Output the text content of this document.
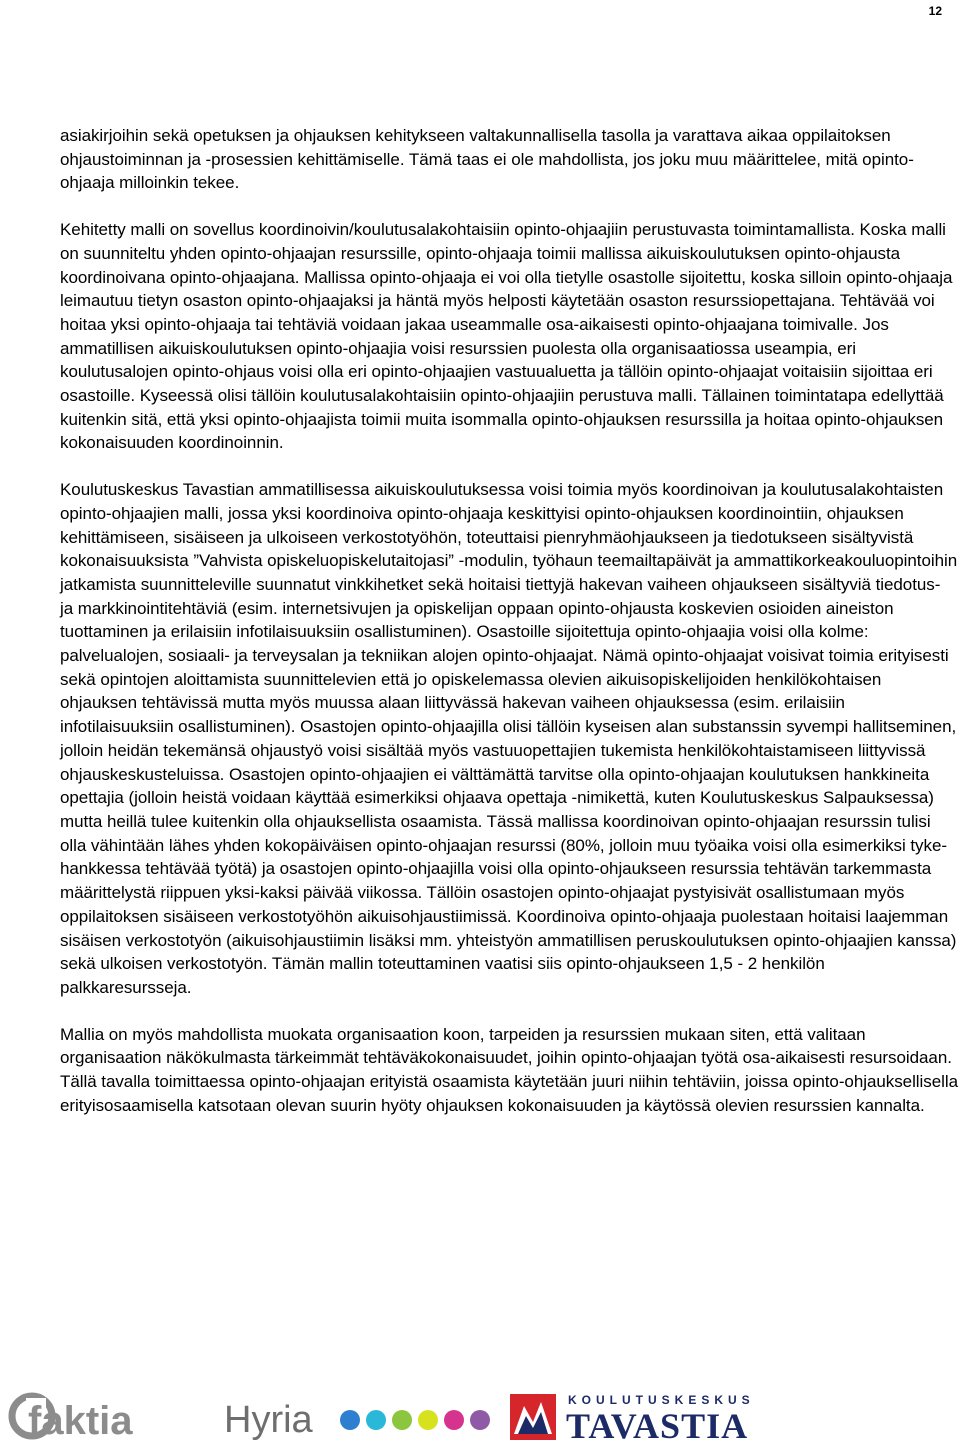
12

asiakirjoihin sekä opetuksen ja ohjauksen kehitykseen valtakunnallisella tasolla ja varattava aikaa oppilaitoksen ohjaustoiminnan ja -prosessien kehittämiselle. Tämä taas ei ole mahdollista, jos joku muu määrittelee, mitä opinto-ohjaaja milloinkin tekee.

Kehitetty malli on sovellus koordinoivin/koulutusalakohtaisiin opinto-ohjaajiin perustuvasta toimintamallista. Koska malli on suunniteltu yhden opinto-ohjaajan resurssille, opinto-ohjaaja toimii mallissa aikuiskoulutuksen opinto-ohjausta koordinoivana opinto-ohjaajana. Mallissa opinto-ohjaaja ei voi olla tietylle osastolle sijoitettu, koska silloin opinto-ohjaaja leimautuu tietyn osaston opinto-ohjaajaksi ja häntä myös helposti käytetään osaston resurssiopettajana. Tehtävää voi hoitaa yksi opinto-ohjaaja tai tehtäviä voidaan jakaa useammalle osa-aikaisesti opinto-ohjaajana toimivalle. Jos ammatillisen aikuiskoulutuksen opinto-ohjaajia voisi resurssien puolesta olla organisaatiossa useampia, eri koulutusalojen opinto-ohjaus voisi olla eri opinto-ohjaajien vastuualuetta ja tällöin opinto-ohjaajat voitaisiin sijoittaa eri osastoille. Kyseessä olisi tällöin koulutusalakohtaisiin opinto-ohjaajiin perustuva malli. Tällainen toimintatapa edellyttää kuitenkin sitä, että yksi opinto-ohjaajista toimii muita isommalla opinto-ohjauksen resurssilla ja hoitaa opinto-ohjauksen kokonaisuuden koordinoinnin.

Koulutuskeskus Tavastian ammatillisessa aikuiskoulutuksessa voisi toimia myös koordinoivan ja koulutusalakohtaisten opinto-ohjaajien malli, jossa yksi koordinoiva opinto-ohjaaja keskittyisi opinto-ohjauksen koordinointiin, ohjauksen kehittämiseen, sisäiseen ja ulkoiseen verkostotyöhön, toteuttaisi pienryhmäohjaukseen ja tiedotukseen sisältyvistä kokonaisuuksista ”Vahvista opiskeluopiskelutaitojasi” -modulin, työhaun teemailtapäivät ja ammattikorkeakouluopintoihin jatkamista suunnitteleville suunnatut vinkkihetket sekä hoitaisi tiettyjä hakevan vaiheen ohjaukseen sisältyviä tiedotus- ja markkinointitehtäviä (esim. internetsivujen ja opiskelijan oppaan opinto-ohjausta koskevien osioiden aineiston tuottaminen ja erilaisiin infotilaisuuksiin osallistuminen). Osastoille sijoitettuja opinto-ohjaajia voisi olla kolme: palvelualojen, sosiaali- ja terveysalan ja tekniikan alojen opinto-ohjaajat. Nämä opinto-ohjaajat voisivat toimia erityisesti sekä opintojen aloittamista suunnittelevien että jo opiskelemassa olevien aikuisopiskelijoiden henkilökohtaisen ohjauksen tehtävissä mutta myös muussa alaan liittyvässä hakevan vaiheen ohjauksessa (esim. erilaisiin infotilaisuuksiin osallistuminen). Osastojen opinto-ohjaajilla olisi tällöin kyseisen alan substanssin syvempi hallitseminen, jolloin heidän tekemänsä ohjaustyö voisi sisältää myös vastuuopettajien tukemista henkilökohtaistamiseen liittyvissä ohjauskeskusteluissa. Osastojen opinto-ohjaajien ei välttämättä tarvitse olla opinto-ohjaajan koulutuksen hankkineita opettajia (jolloin heistä voidaan käyttää esimerkiksi ohjaava opettaja -nimikettä, kuten Koulutuskeskus Salpauksessa) mutta heillä tulee kuitenkin olla ohjauksellista osaamista. Tässä mallissa koordinoivan opinto-ohjaajan resurssin tulisi olla vähintään lähes yhden kokopäiväisen opinto-ohjaajan resurssi (80%, jolloin muu työaika voisi olla esimerkiksi tyke-hankkessa tehtävää työtä) ja osastojen opinto-ohjaajilla voisi olla opinto-ohjaukseen resurssia tehtävän tarkemmasta määrittelystä riippuen yksi-kaksi päivää viikossa. Tällöin osastojen opinto-ohjaajat pystyisivät osallistumaan myös oppilaitoksen sisäiseen verkostotyöhön aikuisohjaustiimissä. Koordinoiva opinto-ohjaaja puolestaan hoitaisi laajemman sisäisen verkostotyön (aikuisohjaustiimin lisäksi mm. yhteistyön ammatillisen peruskoulutuksen opinto-ohjaajien kanssa) sekä ulkoisen verkostotyön. Tämän mallin toteuttaminen vaatisi siis opinto-ohjaukseen 1,5 - 2 henkilön palkkaresursseja.

Mallia on myös mahdollista muokata organisaation koon, tarpeiden ja resurssien mukaan siten, että valitaan organisaation näkökulmasta tärkeimmät tehtäväkokonaisuudet, joihin opinto-ohjaajan työtä osa-aikaisesti resursoidaan. Tällä tavalla toimittaessa opinto-ohjaajan erityistä osaamista käytetään juuri niihin tehtäviin, joissa opinto-ohjauksellisella erityisosaamisella katsotaan olevan suurin hyöty ohjauksen kokonaisuuden ja käytössä olevien resurssien kannalta.

faktia Hyria	KOULUTUSKESKUS
TAVASTIA
